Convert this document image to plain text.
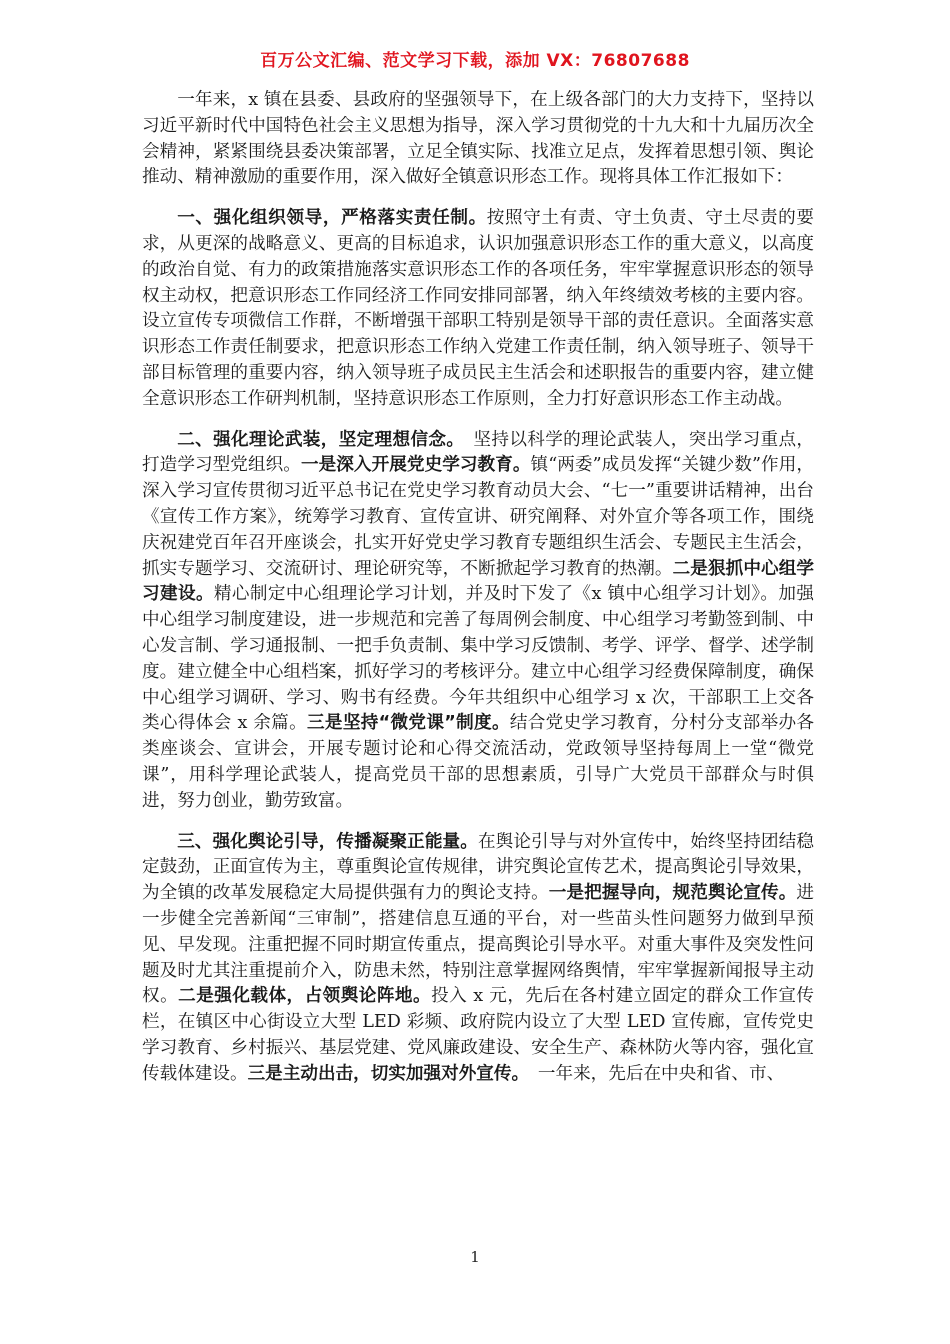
百万公文汇编、范文学习下载，添加 VX：76807688

一年来，x 镇在县委、县政府的坚强领导下，在上级各部门的大力支持下，坚持以习近平新时代中国特色社会主义思想为指导，深入学习贯彻党的十九大和十九届历次全会精神，紧紧围绕县委决策部署，立足全镇实际、找准立足点，发挥着思想引领、舆论推动、精神激励的重要作用，深入做好全镇意识形态工作。现将具体工作汇报如下：

一、强化组织领导，严格落实责任制。按照守土有责、守土负责、守土尽责的要求，从更深的战略意义、更高的目标追求，认识加强意识形态工作的重大意义，以高度的政治自觉、有力的政策措施落实意识形态工作的各项任务，牢牢掌握意识形态的领导权主动权，把意识形态工作同经济工作同安排同部署，纳入年终绩效考核的主要内容。设立宣传专项微信工作群，不断增强干部职工特别是领导干部的责任意识。全面落实意识形态工作责任制要求，把意识形态工作纳入党建工作责任制，纳入领导班子、领导干部目标管理的重要内容，纳入领导班子成员民主生活会和述职报告的重要内容，建立健全意识形态工作研判机制，坚持意识形态工作原则，全力打好意识形态工作主动战。

二、强化理论武装，坚定理想信念。　坚持以科学的理论武装人，突出学习重点，打造学习型党组织。一是深入开展党史学习教育。镇“两委”成员发挥“关键少数”作用，深入学习宣传贯彻习近平总书记在党史学习教育动员大会、“七一”重要讲话精神，出台《宣传工作方案》，统筹学习教育、宣传宣讲、研究阐释、对外宣介等各项工作，围绕庆祝建党百年召开座谈会，扎实开好党史学习教育专题组织生活会、专题民主生活会，抓实专题学习、交流研讨、理论研究等，不断掀起学习教育的热潮。二是狠抓中心组学习建设。精心制定中心组理论学习计划，并及时下发了《x 镇中心组学习计划》。加强中心组学习制度建设，进一步规范和完善了每周例会制度、中心组学习考勤签到制、中心发言制、学习通报制、一把手负责制、集中学习反馈制、考学、评学、督学、述学制度。建立健全中心组档案，抓好学习的考核评分。建立中心组学习经费保障制度，确保中心组学习调研、学习、购书有经费。今年共组织中心组学习 x 次，干部职工上交各类心得体会 x 余篇。三是坚持“微党课”制度。结合党史学习教育，分村分支部举办各类座谈会、宣讲会，开展专题讨论和心得交流活动，党政领导坚持每周上一堂“微党课”，用科学理论武装人，提高党员干部的思想素质，引导广大党员干部群众与时俱进，努力创业，勤劳致富。

三、强化舆论引导，传播凝聚正能量。在舆论引导与对外宣传中，始终坚持团结稳定鼓劲，正面宣传为主，尊重舆论宣传规律，讲究舆论宣传艺术，提高舆论引导效果，为全镇的改革发展稳定大局提供强有力的舆论支持。一是把握导向，规范舆论宣传。进一步健全完善新闻“三审制”，搭建信息互通的平台，对一些苗头性问题努力做到早预见、早发现。注重把握不同时期宣传重点，提高舆论引导水平。对重大事件及突发性问题及时尤其注重提前介入，防患未然，特别注意掌握网络舆情，牢牢掌握新闻报导主动权。二是强化载体，占领舆论阵地。投入 x 元，先后在各村建立固定的群众工作宣传栏，在镇区中心街设立大型 LED 彩频、政府院内设立了大型 LED 宣传廊，宣传党史学习教育、乡村振兴、基层党建、党风廉政建设、安全生产、森林防火等内容，强化宣传载体建设。三是主动出击，切实加强对外宣传。　一年来，先后在中央和省、市、

1
